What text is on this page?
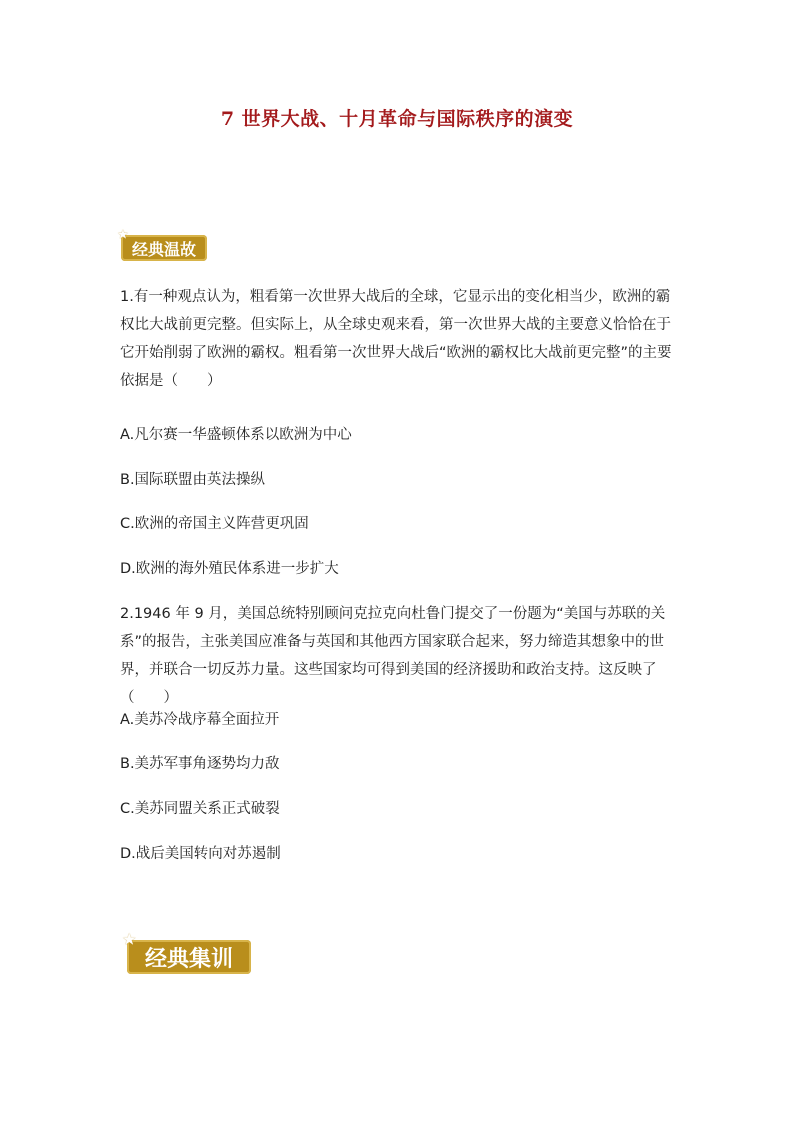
7 世界大战、十月革命与国际秩序的演变
★
经典温故

1.有一种观点认为，粗看第一次世界大战后的全球，它显示出的变化相当少，欧洲的霸权比大战前更完整。但实际上，从全球史观来看，第一次世界大战的主要意义恰恰在于它开始削弱了欧洲的霸权。粗看第一次世界大战后“欧洲的霸权比大战前更完整”的主要依据是（　　）

A.凡尔赛一华盛顿体系以欧洲为中心

B.国际联盟由英法操纵

C.欧洲的帝国主义阵营更巩固

D.欧洲的海外殖民体系进一步扩大

2.1946 年 9 月，美国总统特别顾问克拉克向杜鲁门提交了一份题为“美国与苏联的关系”的报告，主张美国应准备与英国和其他西方国家联合起来，努力缔造其想象中的世界，并联合一切反苏力量。这些国家均可得到美国的经济援助和政治支持。这反映了（　　）

A.美苏冷战序幕全面拉开

B.美苏军事角逐势均力敌

C.美苏同盟关系正式破裂

D.战后美国转向对苏遏制

★
经典集训
